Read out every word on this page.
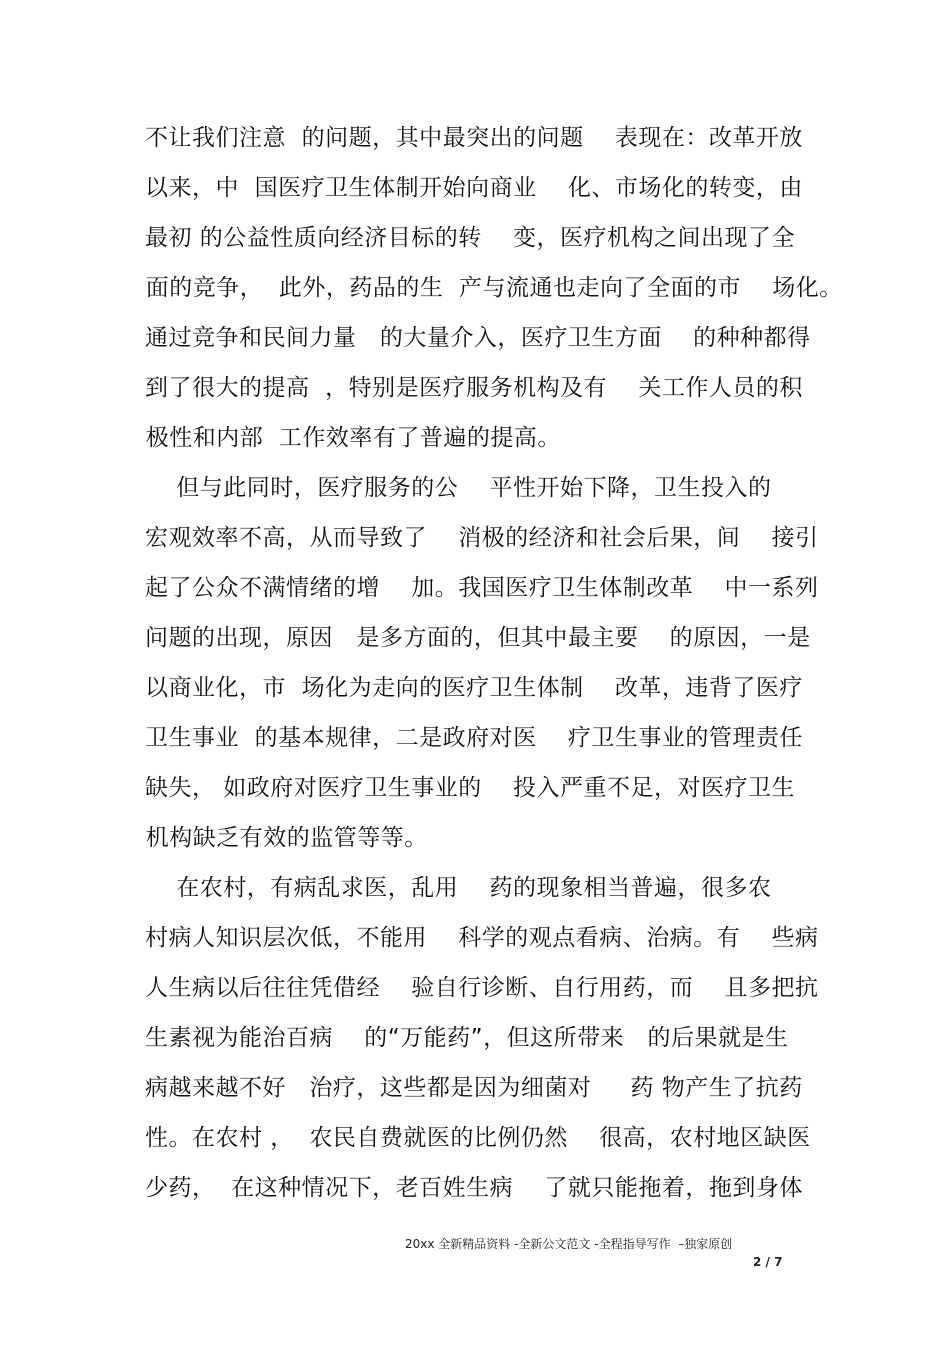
不让我们注意  的问题，其中最突出的问题    表现在：改革开放
以来，中  国医疗卫生体制开始向商业    化、市场化的转变，由
最初 的公益性质向经济目标的转    变，医疗机构之间出现了全
面的竞争，  此外，药品的生  产与流通也走向了全面的市    场化。
通过竞争和民间力量   的大量介入，医疗卫生方面    的种种都得
到了很大的提高  ，特别是医疗服务机构及有    关工作人员的积
极性和内部  工作效率有了普遍的提高。
但与此同时，医疗服务的公    平性开始下降，卫生投入的
宏观效率不高，从而导致了    消极的经济和社会后果，间    接引
起了公众不满情绪的增    加。我国医疗卫生体制改革    中一系列
问题的出现，原因   是多方面的，但其中最主要    的原因，一是
以商业化，市  场化为走向的医疗卫生体制    改革，违背了医疗
卫生事业  的基本规律，二是政府对医    疗卫生事业的管理责任
缺失， 如政府对医疗卫生事业的    投入严重不足，对医疗卫生
机构缺乏有效的监管等等。
在农村，有病乱求医，乱用    药的现象相当普遍，很多农
村病人知识层次低，不能用    科学的观点看病、治病。有    些病
人生病以后往往凭借经    验自行诊断、自行用药，而    且多把抗
生素视为能治百病    的“万能药”，但这所带来   的后果就是生
病越来越不好   治疗，这些都是因为细菌对     药 物产生了抗药
性。在农村 ，  农民自费就医的比例仍然    很高，农村地区缺医
少药，  在这种情况下，老百姓生病    了就只能拖着，拖到身体
20xx 全新精品资料 -全新公文范文 -全程指导写作  –独家原创
2 / 7
